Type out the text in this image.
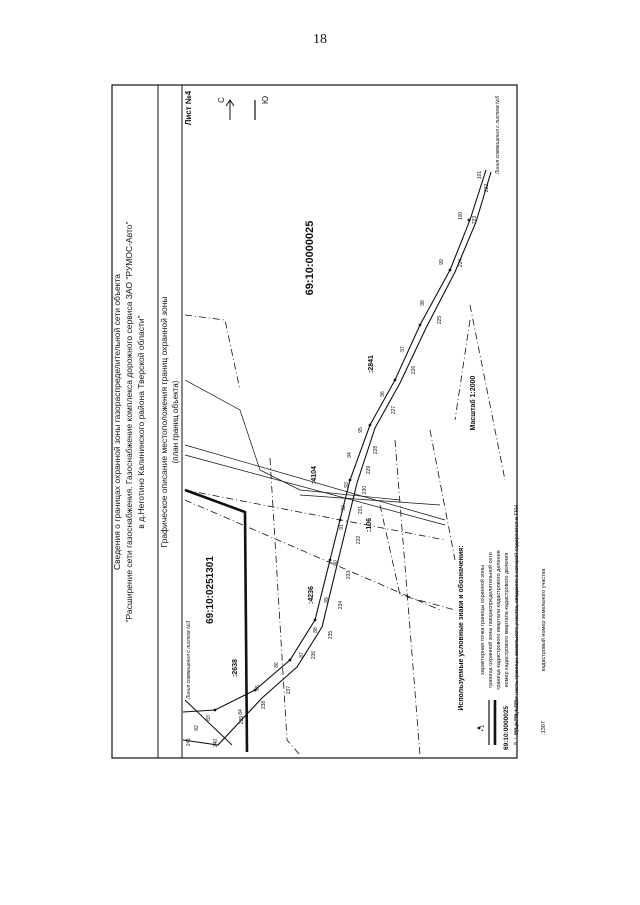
18
Сведения о границах охранной зоны газораспределительной сети объекта "Расширение сети газоснабжения. Газоснабжение комплекса дорожного сервиса ЗАО "РУМОС-Авто" в д.Неготино Калининского района Тверской области" Графическое описание местоположения границ охранной зоны (план границ объекта)
Лист №4	С	Ю
101
100
99
98
97
96
95
94
93
92
91
90
89
88
87
86
85
84
83
82
241
222
223
224
225
226
227
228
229
230
231
232
233
234
235
236
237
238
239
240
69:10:0000025
69:10:0251301
:2841
:4104
:106
:4236
:2638
Линия совмещения с листом №5
Линия совмещения с листом №3
Масштаб 1:2000
Используемые условные знаки и обозначения:	характерная точка границы охранной зоны
• 1
граница охранной зоны газораспределительной сети граница кадастрового квартала кадастрового деления номер кадастрового квартала кадастрового деления
69:10:0000025 существующая часть границы земельного участка, сведения о которой содержатся в ГКН	кадастровый номер земельного участка
:1397
